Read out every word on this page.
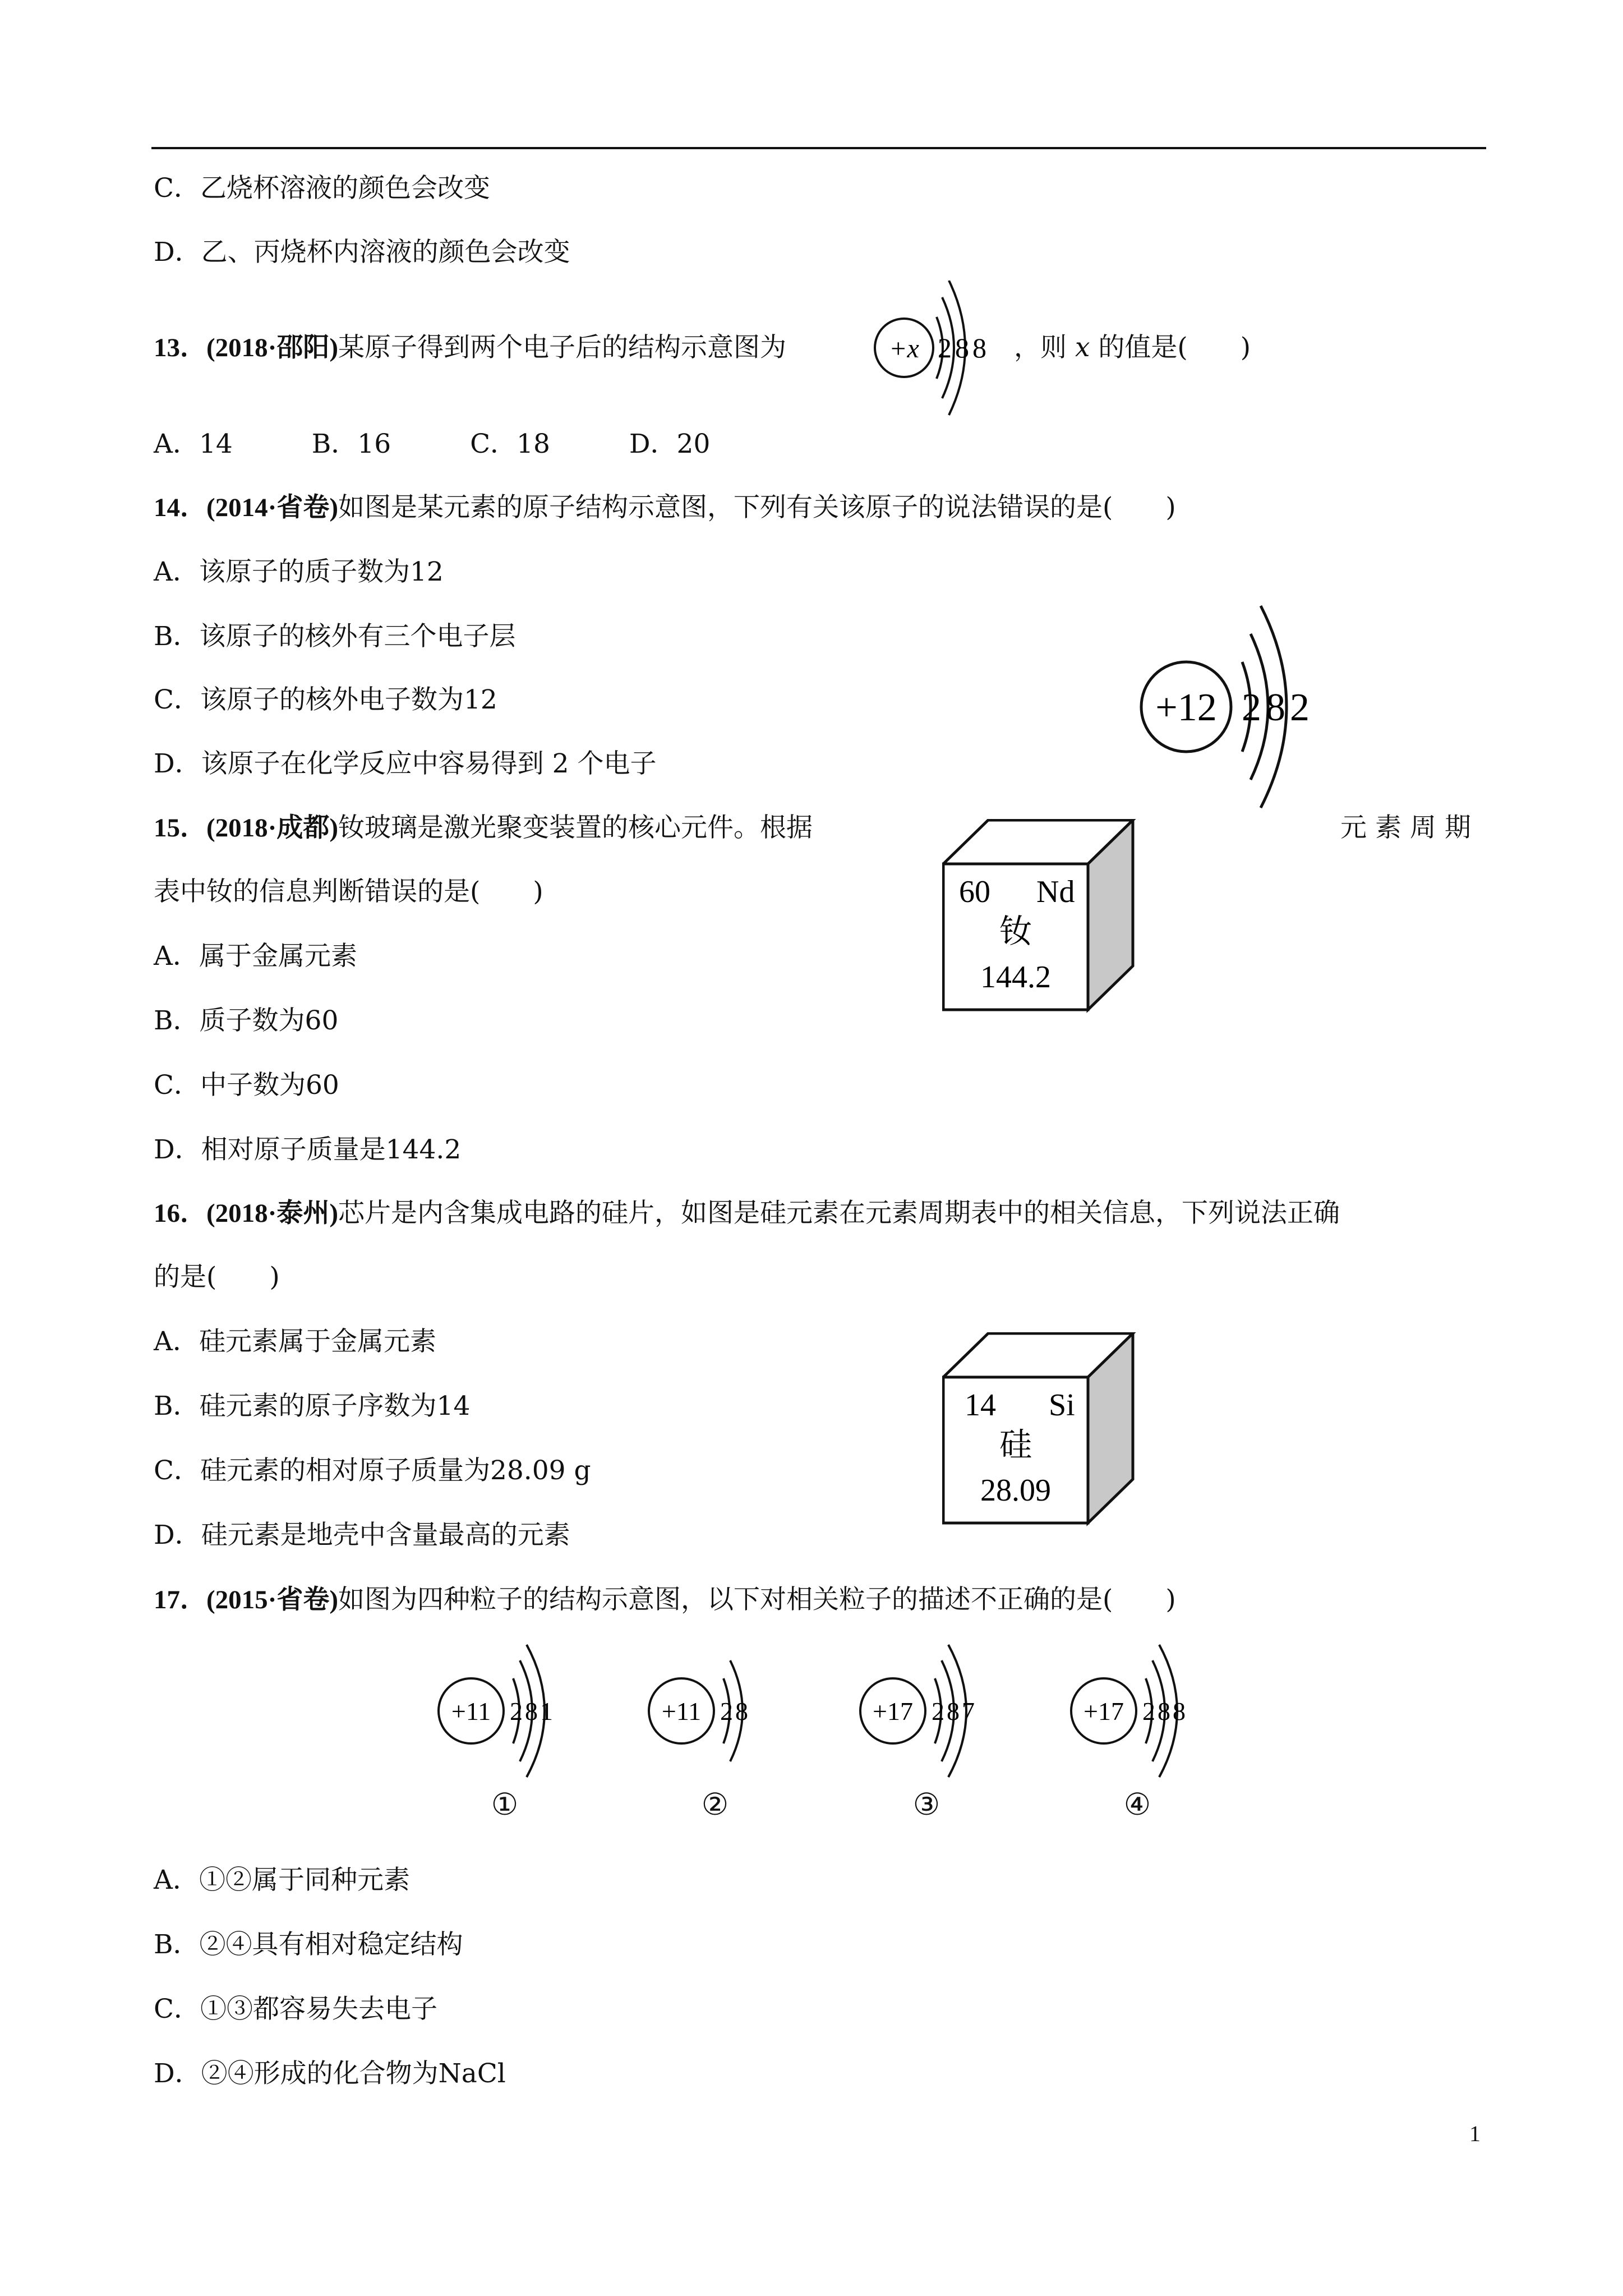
C．乙烧杯溶液的颜色会改变
D．乙、丙烧杯内溶液的颜色会改变
13．(2018·邵阳)某原子得到两个电子后的结构示意图为	+x 288 ，则 x 的值是(　　)
A．14　　　B．16　　　C．18　　　D．20
14．(2014·省卷)如图是某元素的原子结构示意图，下列有关该原子的说法错误的是(　　)
A．该原子的质子数为12
B．该原子的核外有三个电子层
C．该原子的核外电子数为12
D．该原子在化学反应中容易得到 2 个电子
+12 282
15．(2018·成都)钕玻璃是激光聚变装置的核心元件。根据	元 素 周 期
表中钕的信息判断错误的是(　　)
A．属于金属元素
B．质子数为60
C．中子数为60
D．相对原子质量是144.2
60 Nd
钕
144.2
16．(2018·泰州)芯片是内含集成电路的硅片，如图是硅元素在元素周期表中的相关信息，下列说法正确
的是(　　)
A．硅元素属于金属元素
B．硅元素的原子序数为14
C．硅元素的相对原子质量为28.09 g
D．硅元素是地壳中含量最高的元素
14 Si
硅
28.09
17．(2015·省卷)如图为四种粒子的结构示意图，以下对相关粒子的描述不正确的是(　　)
+11 281	+11 28	+17 287	+17 288
①	②	③	④
A．①②属于同种元素
B．②④具有相对稳定结构
C．①③都容易失去电子
D．②④形成的化合物为NaCl
1
